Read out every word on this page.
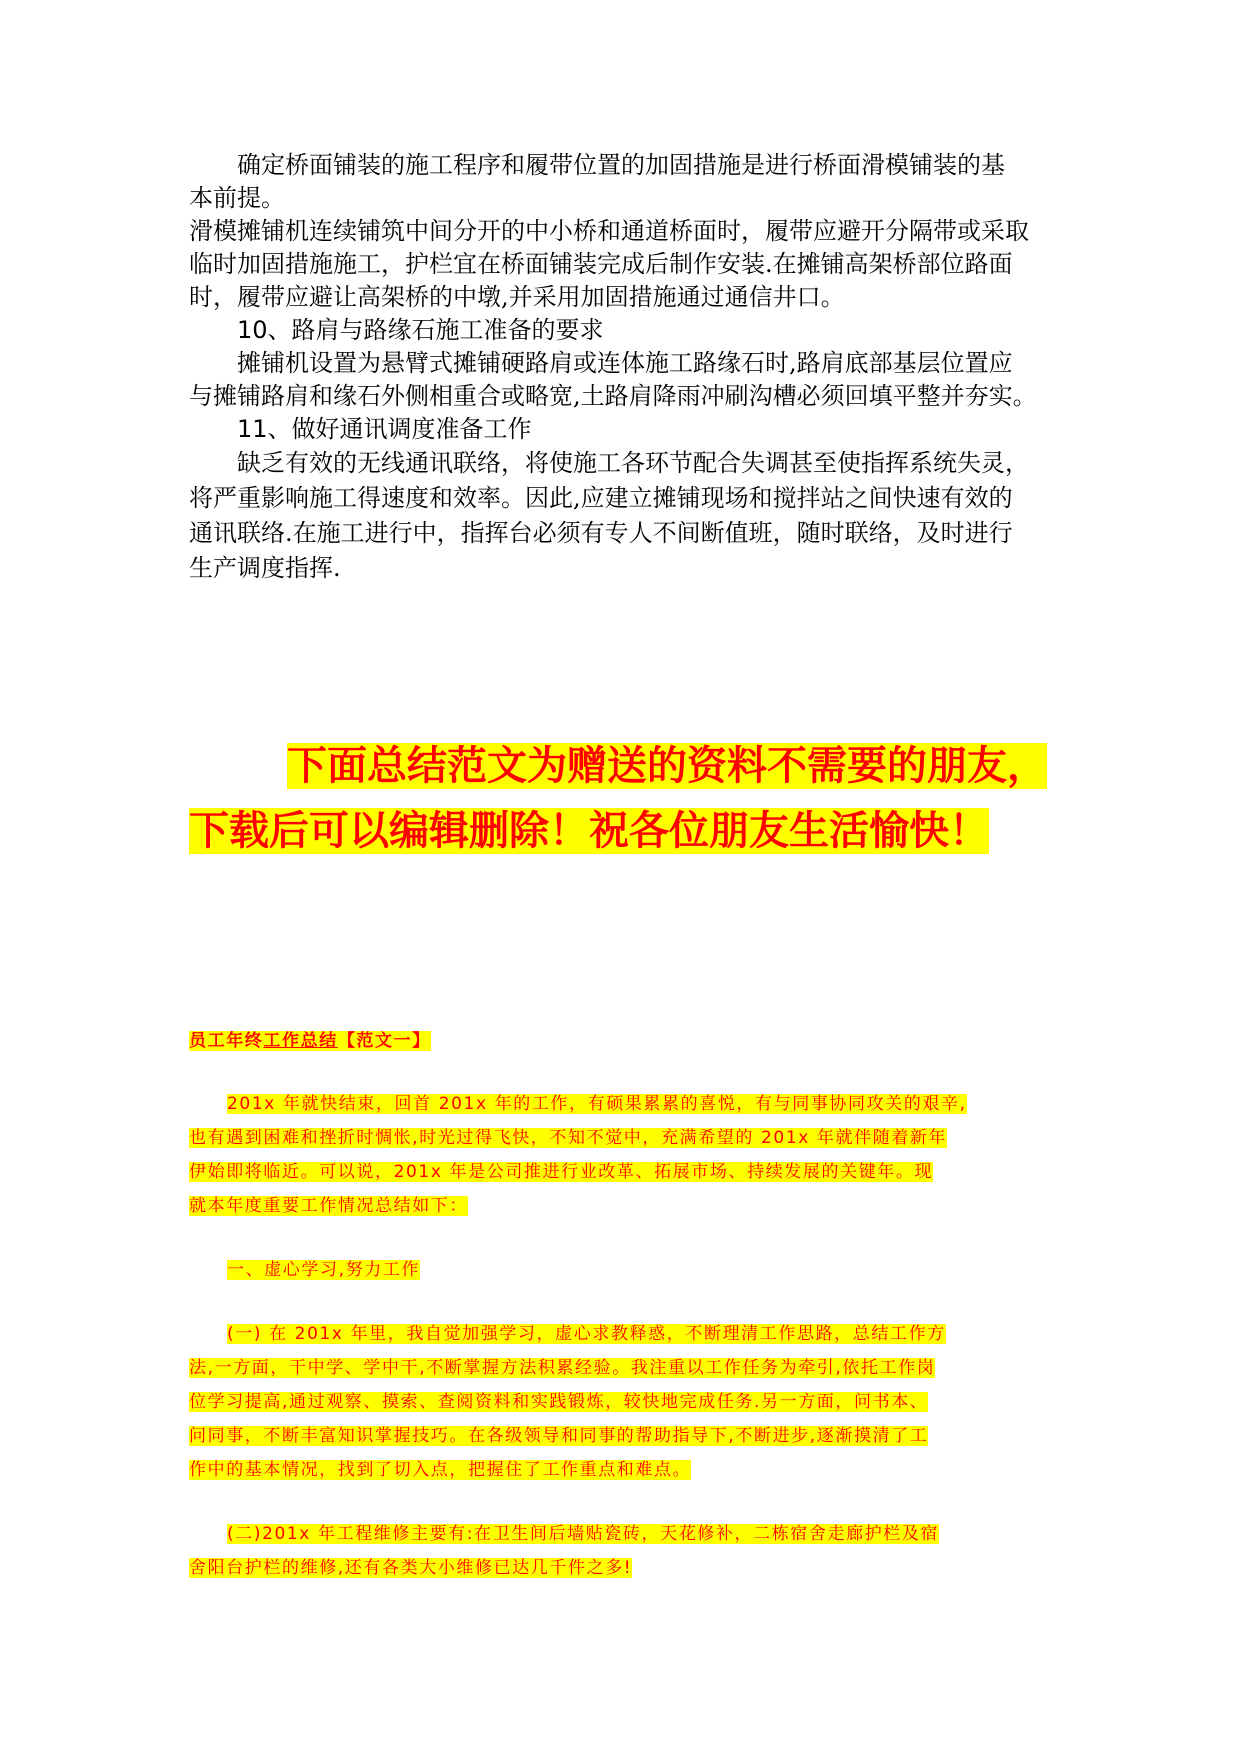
确定桥面铺装的施工程序和履带位置的加固措施是进行桥面滑模铺装的基
本前提。
滑模摊铺机连续铺筑中间分开的中小桥和通道桥面时，履带应避开分隔带或采取
临时加固措施施工，护栏宜在桥面铺装完成后制作安装.在摊铺高架桥部位路面
时，履带应避让高架桥的中墩,并采用加固措施通过通信井口。
10、路肩与路缘石施工准备的要求
摊铺机设置为悬臂式摊铺硬路肩或连体施工路缘石时,路肩底部基层位置应
与摊铺路肩和缘石外侧相重合或略宽,土路肩降雨冲刷沟槽必须回填平整并夯实。
11、做好通讯调度准备工作
缺乏有效的无线通讯联络，将使施工各环节配合失调甚至使指挥系统失灵，
将严重影响施工得速度和效率。因此,应建立摊铺现场和搅拌站之间快速有效的
通讯联络.在施工进行中，指挥台必须有专人不间断值班，随时联络，及时进行
生产调度指挥.
下面总结范文为赠送的资料不需要的朋友，
下载后可以编辑删除！祝各位朋友生活愉快！
员工年终工作总结【范文一】
201x 年就快结束，回首 201x 年的工作，有硕果累累的喜悦，有与同事协同攻关的艰辛,
也有遇到困难和挫折时惆怅,时光过得飞快，不知不觉中，充满希望的 201x 年就伴随着新年
伊始即将临近。可以说，201x 年是公司推进行业改革、拓展市场、持续发展的关键年。现
就本年度重要工作情况总结如下：
一、虚心学习,努力工作
(一) 在 201x 年里，我自觉加强学习，虚心求教释惑，不断理清工作思路，总结工作方
法,一方面，干中学、学中干,不断掌握方法积累经验。我注重以工作任务为牵引,依托工作岗
位学习提高,通过观察、摸索、查阅资料和实践锻炼，较快地完成任务.另一方面，问书本、
问同事，不断丰富知识掌握技巧。在各级领导和同事的帮助指导下,不断进步,逐渐摸清了工
作中的基本情况，找到了切入点，把握住了工作重点和难点。
(二)201x 年工程维修主要有:在卫生间后墙贴瓷砖，天花修补，二栋宿舍走廊护栏及宿
舍阳台护栏的维修,还有各类大小维修已达几千件之多!
